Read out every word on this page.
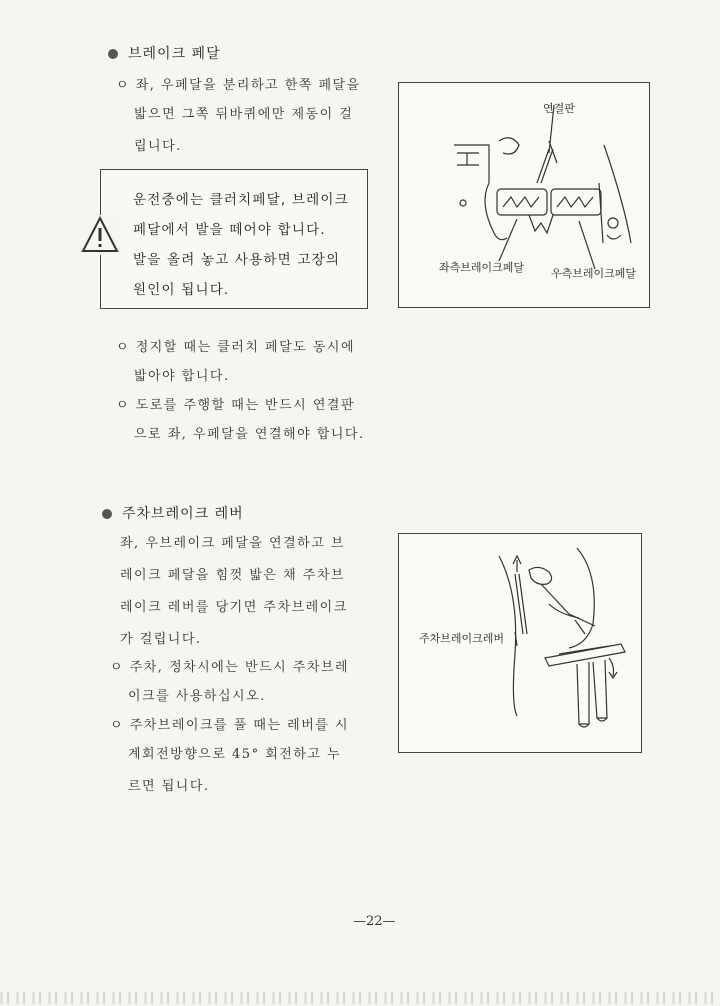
브레이크 페달
ㅇ 좌, 우페달을 분리하고 한쪽 페달을
밟으면 그쪽 뒤바퀴에만 제동이 걸
립니다.
운전중에는 클러치페달, 브레이크
페달에서 발을 떼어야 합니다.
발을 올려 놓고 사용하면 고장의
원인이 됩니다.
ㅇ 정지할 때는 클러치 페달도 동시에
밟아야 합니다.
ㅇ 도로를 주행할 때는 반드시 연결판
으로 좌, 우페달을 연결해야 합니다.
연결판
좌측브레이크페달 우측브레이크페달
주차브레이크 레버
좌, 우브레이크 페달을 연결하고 브
레이크 페달을 힘껏 밟은 채 주차브
레이크 레버를 당기면 주차브레이크
가 걸립니다.
ㅇ 주차, 정차시에는 반드시 주차브레
이크를 사용하십시오.
ㅇ 주차브레이크를 풀 때는 레버를 시
계회전방향으로 45° 회전하고 누
르면 됩니다.
주차브레이크레버
—22—
